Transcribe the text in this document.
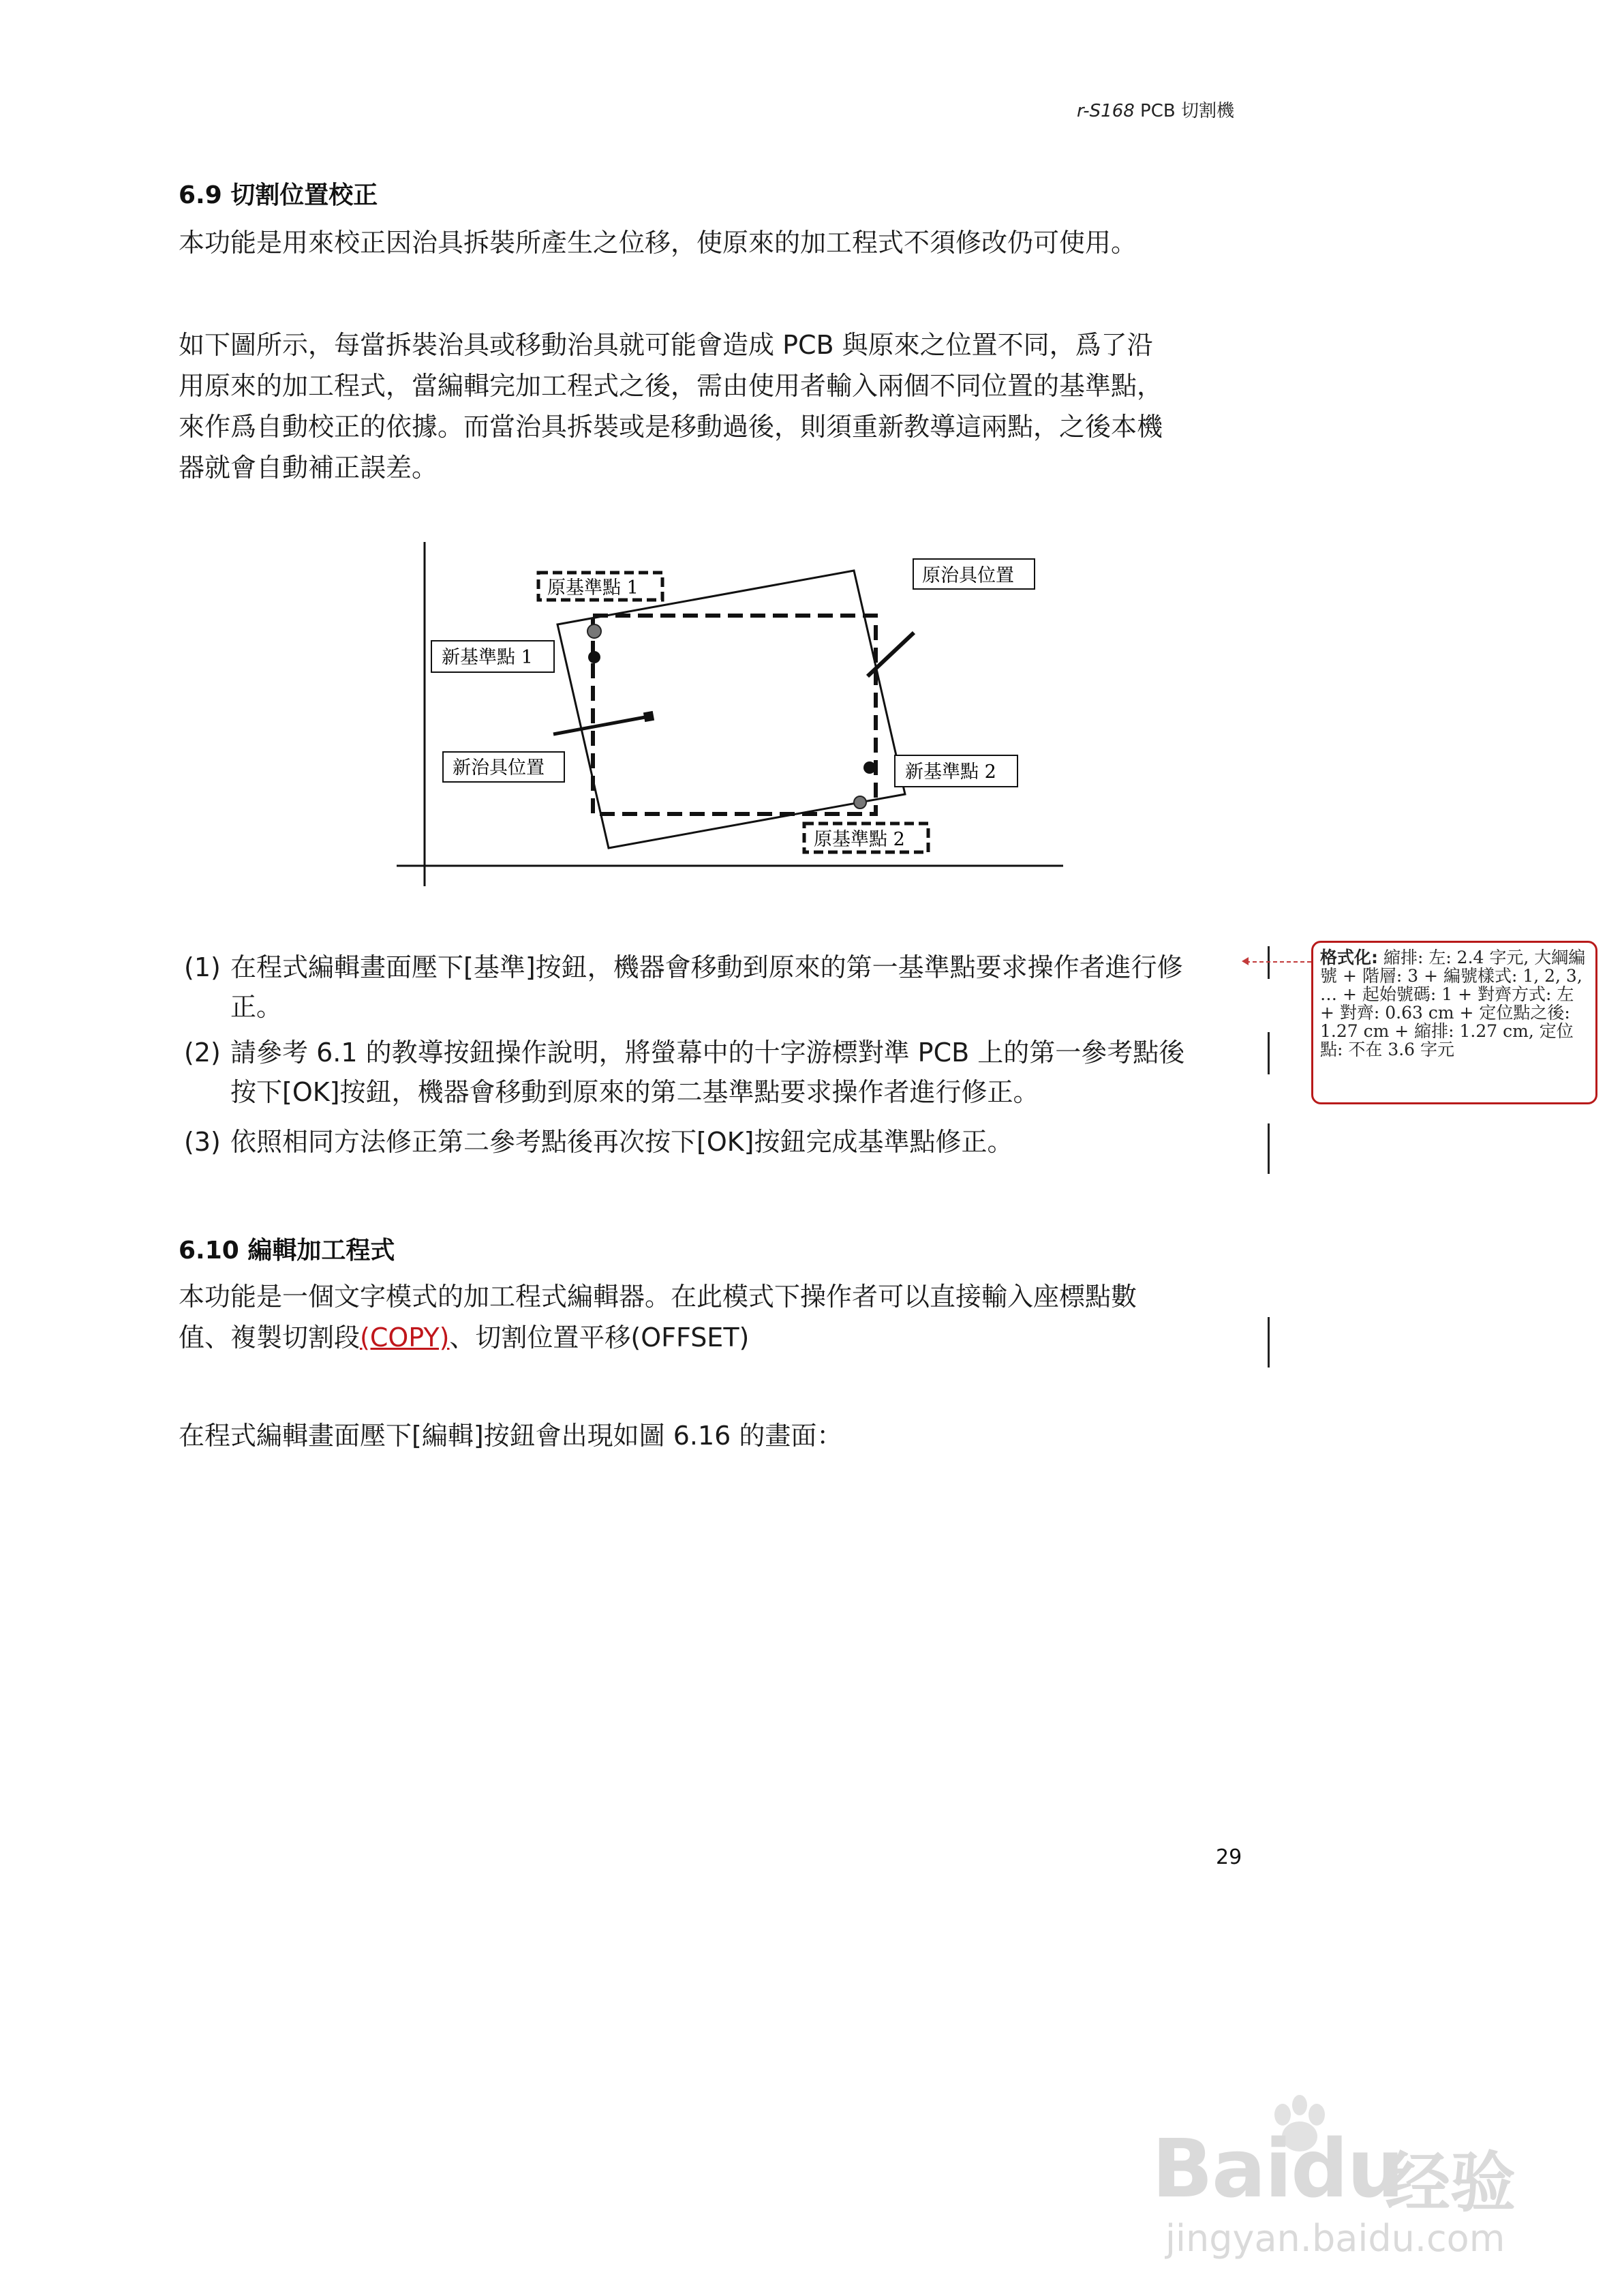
r-S168 PCB 切割機
6.9 切割位置校正
本功能是用來校正因治具拆裝所產生之位移，使原來的加工程式不須修改仍可使用。
如下圖所示，每當拆裝治具或移動治具就可能會造成 PCB 與原來之位置不同，爲了沿
用原來的加工程式，當編輯完加工程式之後，需由使用者輸入兩個不同位置的基準點，
來作爲自動校正的依據。而當治具拆裝或是移動過後，則須重新教導這兩點，之後本機
器就會自動補正誤差。
原基準點 1
原治具位置
新基準點 1
新治具位置	新基準點 2
原基準點 2
(1) 在程式編輯畫面壓下[基準]按鈕，機器會移動到原來的第一基準點要求操作者進行修
正。
(2) 請參考 6.1 的教導按鈕操作說明，將螢幕中的十字游標對準 PCB 上的第一參考點後
按下[OK]按鈕，機器會移動到原來的第二基準點要求操作者進行修正。
(3) 依照相同方法修正第二參考點後再次按下[OK]按鈕完成基準點修正。
格式化: 縮排: 左: 2.4 字元, 大綱編號 + 階層: 3 + 編號樣式: 1, 2, 3, … + 起始號碼: 1 + 對齊方式: 左 + 對齊: 0.63 cm + 定位點之後: 1.27 cm + 縮排: 1.27 cm, 定位點: 不在 3.6 字元
6.10 編輯加工程式
本功能是一個文字模式的加工程式編輯器。在此模式下操作者可以直接輸入座標點數
值、複製切割段(COPY)、切割位置平移(OFFSET)
在程式編輯畫面壓下[編輯]按鈕會出現如圖 6.16 的畫面：
29
Baidu
经验
jingyan.baidu.com
